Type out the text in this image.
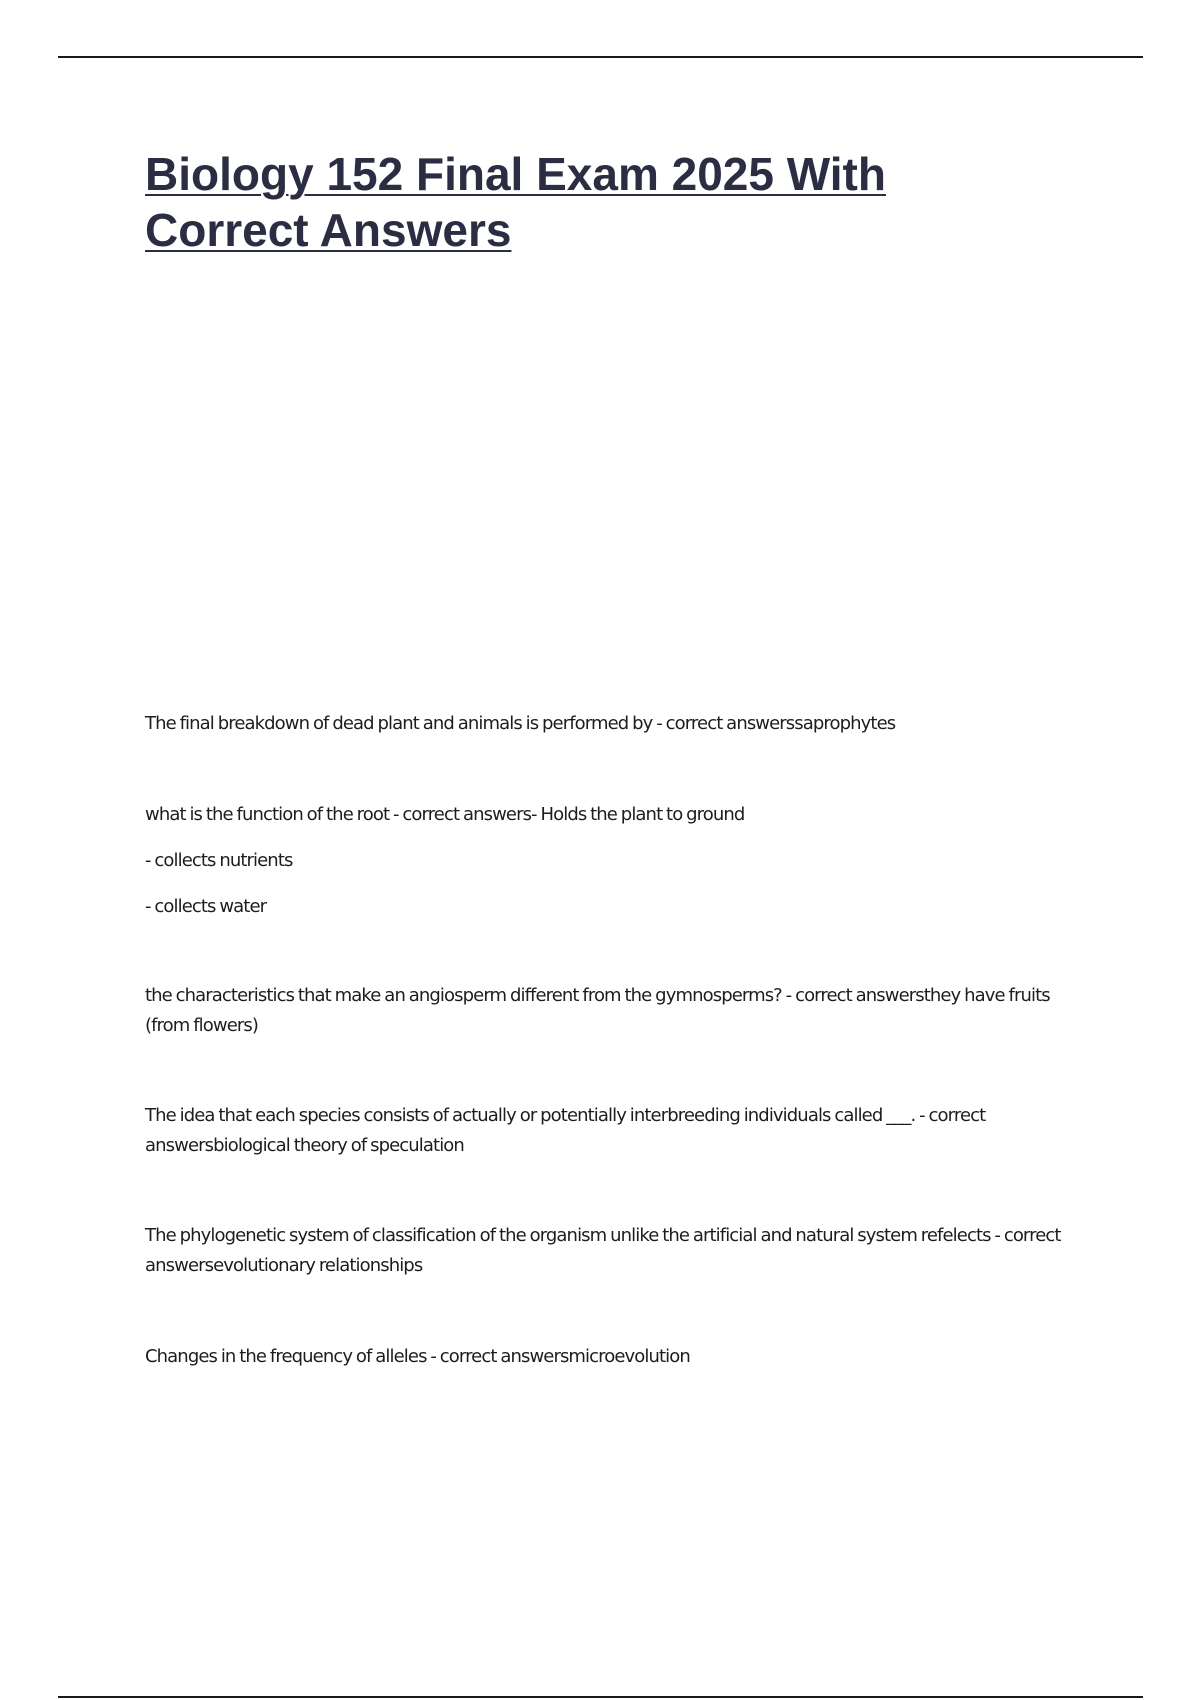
Biology 152 Final Exam 2025 With Correct Answers

The final breakdown of dead plant and animals is performed by - correct answerssaprophytes

what is the function of the root - correct answers- Holds the plant to ground

- collects nutrients

- collects water

the characteristics that make an angiosperm different from the gymnosperms? - correct answersthey have fruits (from flowers)

The idea that each species consists of actually or potentially interbreeding individuals called ___. - correct answersbiological theory of speculation

The phylogenetic system of classification of the organism unlike the artificial and natural system refelects - correct answersevolutionary relationships

Changes in the frequency of alleles - correct answersmicroevolution
